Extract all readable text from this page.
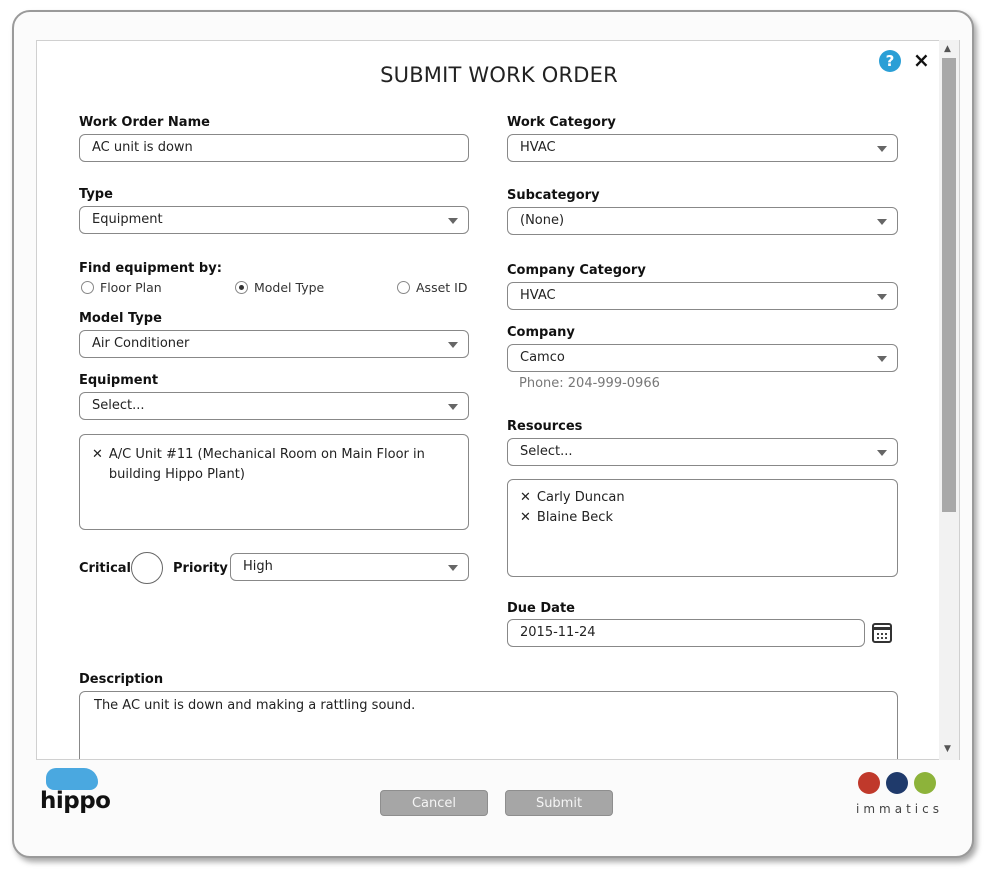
SUBMIT WORK ORDER
? ×
Work Order Name
AC unit is down
Type
Equipment
Find equipment by:
Floor Plan	Model Type	Asset ID
Model Type
Air Conditioner
Equipment
Select...
✕ A/C Unit #11 (Mechanical Room on Main Floor in building Hippo Plant)
Critical	Priority	High
Work Category
HVAC
Subcategory
(None)
Company Category
HVAC
Company
Camco
Phone: 204-999-0966
Resources
Select...
✕ Carly Duncan
✕ Blaine Beck
Due Date
2015-11-24
Description
The AC unit is down and making a rattling sound.
▲
▼
hippo	Cancel	Submit	immatics
